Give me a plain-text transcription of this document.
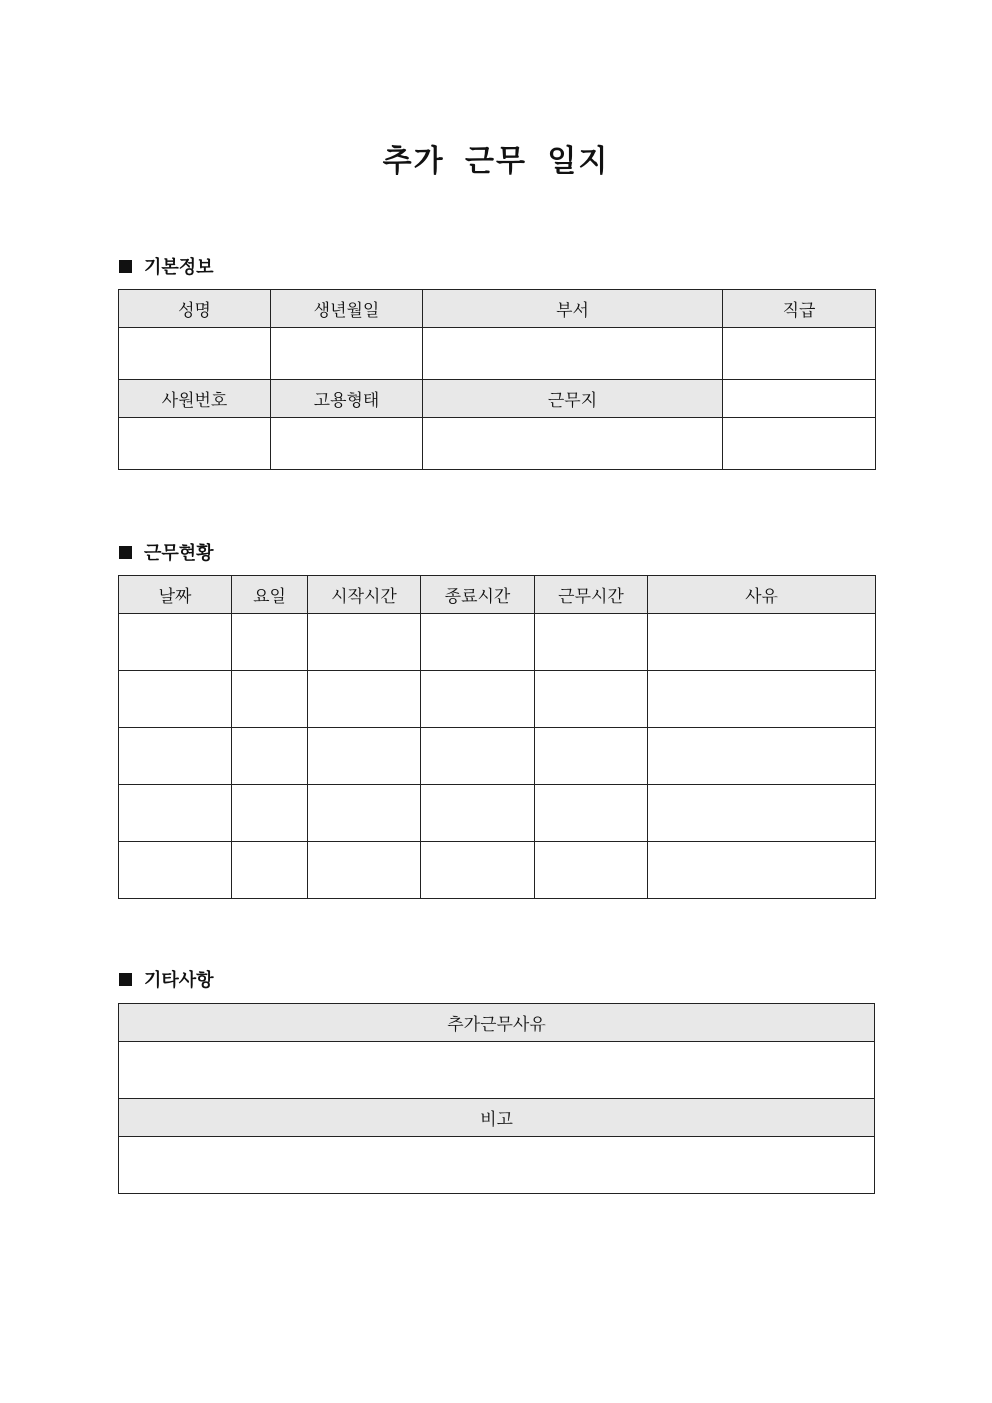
추가 근무 일지
기본정보
성명	생년월일	부서	직급

사원번호	고용형태	근무지	

근무현황
날짜	요일	시작시간	종료시간	근무시간	사유

기타사항
추가근무사유

비고
